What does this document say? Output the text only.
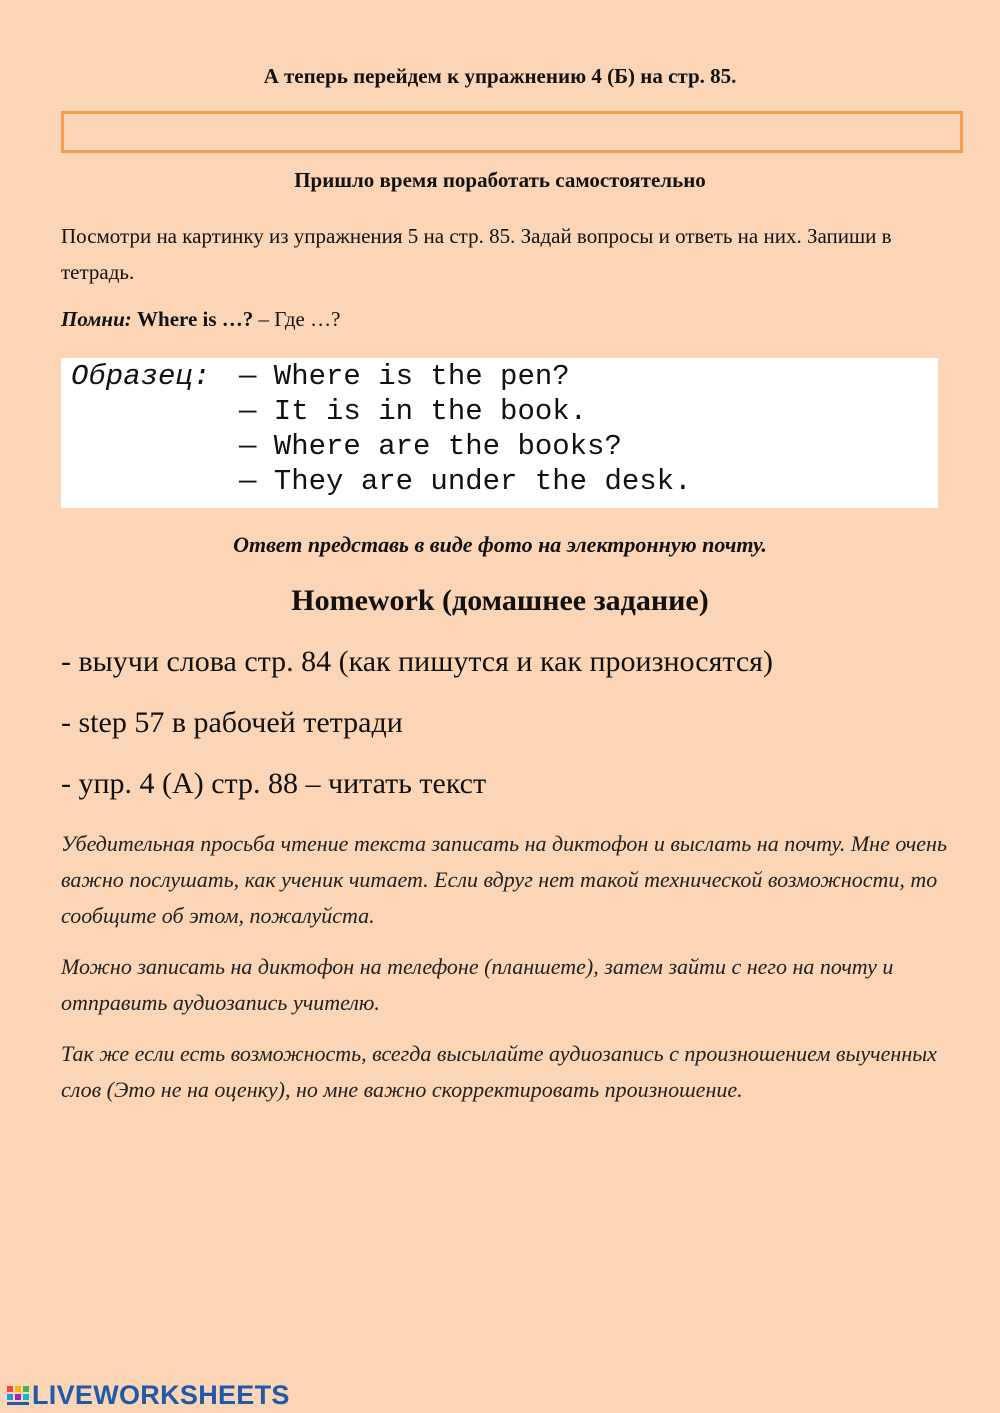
А теперь перейдем к упражнению 4 (Б) на стр. 85.
Пришло время поработать самостоятельно
Посмотри на картинку из упражнения 5 на стр. 85. Задай вопросы и ответь на них. Запиши в тетрадь.
Помни: Where is …? – Где …?
Образец: — Where is the pen?
— It is in the book.
— Where are the books?
— They are under the desk.
Ответ представь в виде фото на электронную почту.
Homework (домашнее задание)
- выучи слова стр. 84 (как пишутся и как произносятся)
- step 57 в рабочей тетради
- упр. 4 (А) стр. 88 – читать текст
Убедительная просьба чтение текста записать на диктофон и выслать на почту. Мне очень важно послушать, как ученик читает. Если вдруг нет такой технической возможности, то сообщите об этом, пожалуйста.
Можно записать на диктофон на телефоне (планшете), затем зайти с него на почту и отправить аудиозапись учителю.
Так же если есть возможность, всегда высылайте аудиозапись с произношением выученных слов (Это не на оценку), но мне важно скорректировать произношение.
LIVEWORKSHEETS
